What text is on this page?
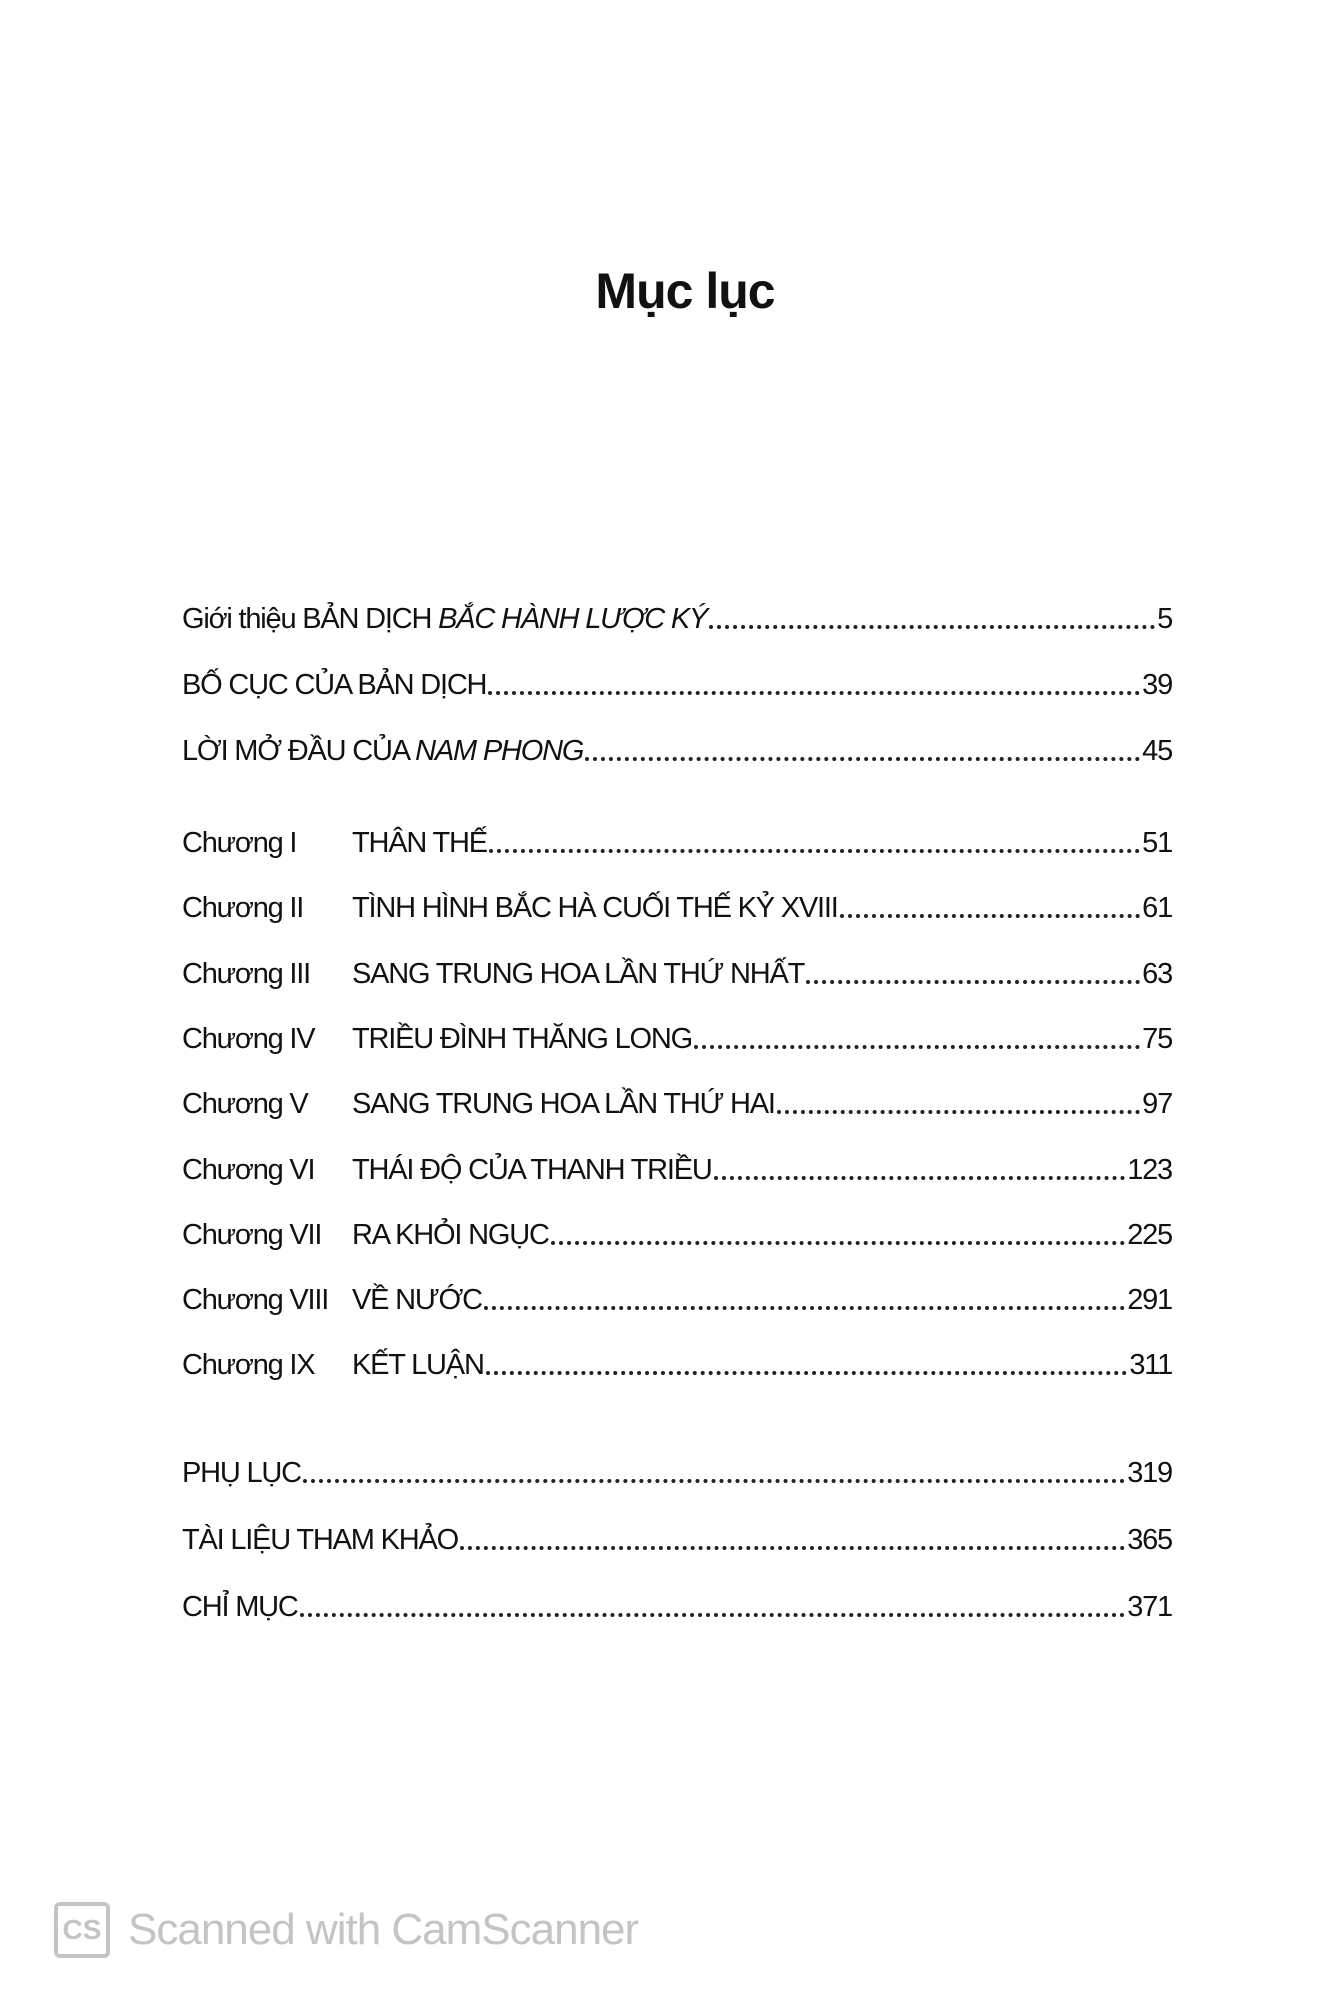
Mục lục
Giới thiệu BẢN DỊCH BẮC HÀNH LƯỢC KÝ	5
BỐ CỤC CỦA BẢN DỊCH	39
LỜI MỞ ĐẦU CỦA NAM PHONG	45
Chương I	THÂN THẾ	51
Chương II	TÌNH HÌNH BẮC HÀ CUỐI THẾ KỶ XVIII	61
Chương III	SANG TRUNG HOA LẦN THỨ NHẤT	63
Chương IV	TRIỀU ĐÌNH THĂNG LONG	75
Chương V	SANG TRUNG HOA LẦN THỨ HAI	97
Chương VI	THÁI ĐỘ CỦA THANH TRIỀU	123
Chương VII	RA KHỎI NGỤC	225
Chương VIII VỀ NƯỚC	291
Chương IX	KẾT LUẬN	311
PHỤ LỤC	319
TÀI LIỆU THAM KHẢO	365
CHỈ MỤC	371
CS Scanned with CamScanner
